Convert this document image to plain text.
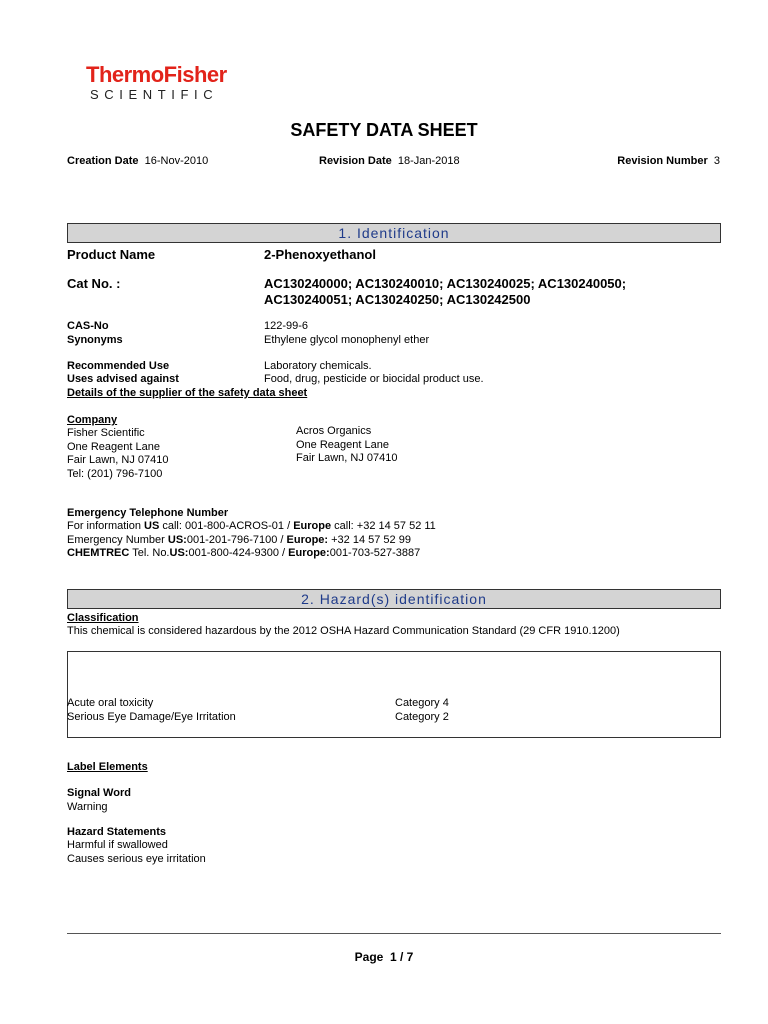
ThermoFisher
SCIENTIFIC
SAFETY DATA SHEET
Creation Date 16-Nov-2010	Revision Date 18-Jan-2018	Revision Number 3
1. Identification
Product Name	2-Phenoxyethanol
Cat No. :	AC130240000; AC130240010; AC130240025; AC130240050;
AC130240051; AC130240250; AC130242500
CAS-No	122-99-6
Synonyms	Ethylene glycol monophenyl ether
Recommended Use	Laboratory chemicals.
Uses advised against	Food, drug, pesticide or biocidal product use.
Details of the supplier of the safety data sheet
Company
Fisher Scientific
One Reagent Lane
Fair Lawn, NJ 07410
Tel: (201) 796-7100
Acros Organics
One Reagent Lane
Fair Lawn, NJ 07410
Emergency Telephone Number
For information US call: 001-800-ACROS-01 / Europe call: +32 14 57 52 11
Emergency Number US:001-201-796-7100 / Europe: +32 14 57 52 99
CHEMTREC Tel. No.US:001-800-424-9300 / Europe:001-703-527-3887
2. Hazard(s) identification
Classification
This chemical is considered hazardous by the 2012 OSHA Hazard Communication Standard (29 CFR 1910.1200)
Acute oral toxicity	Category 4
Serious Eye Damage/Eye Irritation	Category 2
Label Elements
Signal Word
Warning
Hazard Statements
Harmful if swallowed
Causes serious eye irritation
Page 1 / 7
